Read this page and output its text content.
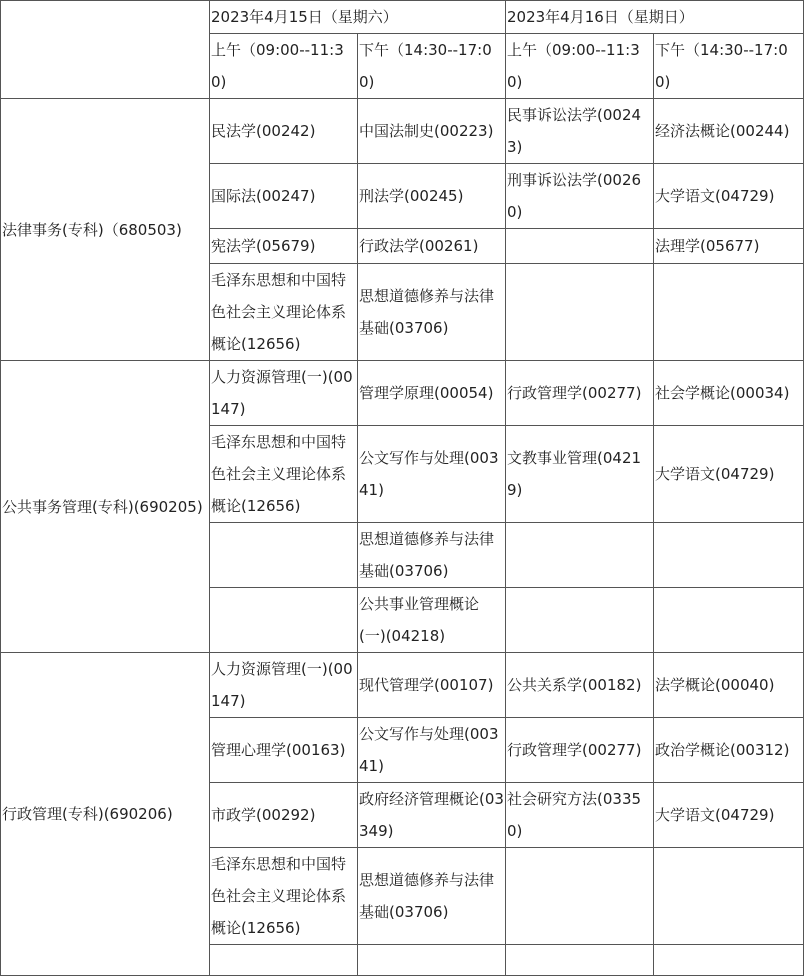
	2023年4月15日（星期六）		2023年4月16日（星期日）	
	上午（09:00--11:30)	下午（14:30--17:00)	上午（09:00--11:30)	下午（14:30--17:00)
法律事务(专科)（680503)	民法学(00242)	中国法制史(00223)	民事诉讼法学(00243)	经济法概论(00244)
	国际法(00247)	刑法学(00245)	刑事诉讼法学(00260)	大学语文(04729)
	宪法学(05679)	行政法学(00261)		法理学(05677)
	毛泽东思想和中国特色社会主义理论体系概论(12656)	思想道德修养与法律基础(03706)		
公共事务管理(专科)(690205)	人力资源管理(一)(00147)	管理学原理(00054)	行政管理学(00277)	社会学概论(00034)
	毛泽东思想和中国特色社会主义理论体系概论(12656)	公文写作与处理(00341)	文教事业管理(04219)	大学语文(04729)
		思想道德修养与法律基础(03706)		
		公共事业管理概论(一)(04218)		
行政管理(专科)(690206)	人力资源管理(一)(00147)	现代管理学(00107)	公共关系学(00182)	法学概论(00040)
	管理心理学(00163)	公文写作与处理(00341)	行政管理学(00277)	政治学概论(00312)
	市政学(00292)	政府经济管理概论(03349)	社会研究方法(03350)	大学语文(04729)
	毛泽东思想和中国特色社会主义理论体系概论(12656)	思想道德修养与法律基础(03706)		
